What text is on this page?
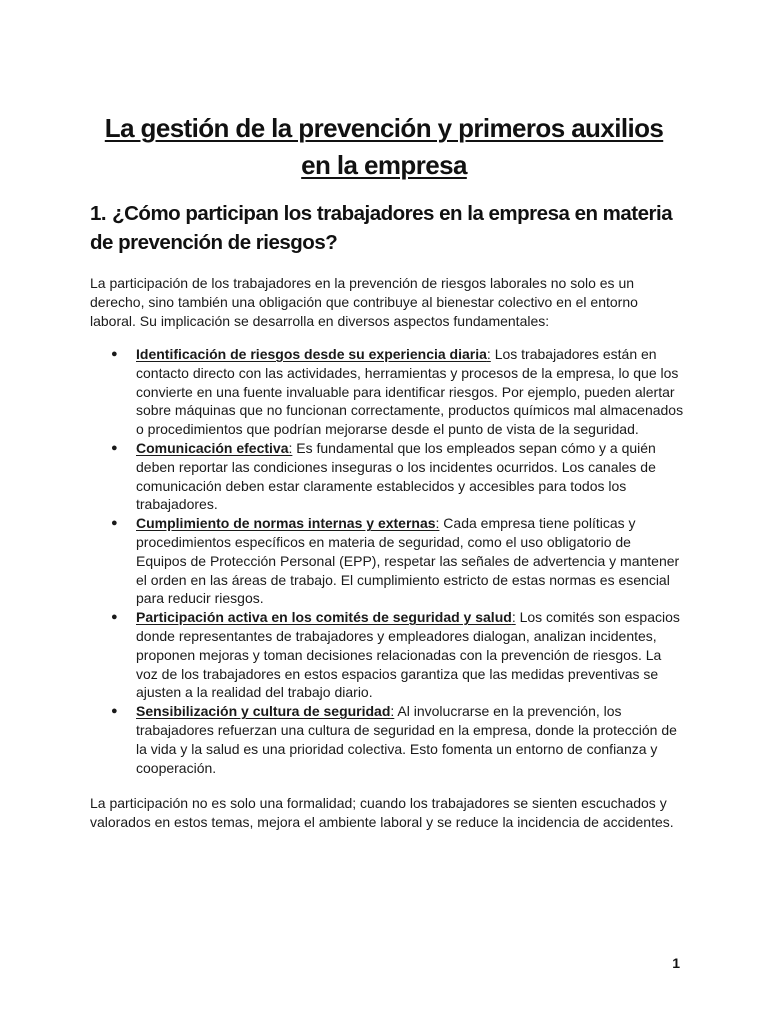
La gestión de la prevención y primeros auxilios en la empresa
1. ¿Cómo participan los trabajadores en la empresa en materia de prevención de riesgos?

La participación de los trabajadores en la prevención de riesgos laborales no solo es un derecho, sino también una obligación que contribuye al bienestar colectivo en el entorno laboral. Su implicación se desarrolla en diversos aspectos fundamentales:

● Identificación de riesgos desde su experiencia diaria: Los trabajadores están en contacto directo con las actividades, herramientas y procesos de la empresa, lo que los convierte en una fuente invaluable para identificar riesgos. Por ejemplo, pueden alertar sobre máquinas que no funcionan correctamente, productos químicos mal almacenados o procedimientos que podrían mejorarse desde el punto de vista de la seguridad.
● Comunicación efectiva: Es fundamental que los empleados sepan cómo y a quién deben reportar las condiciones inseguras o los incidentes ocurridos. Los canales de comunicación deben estar claramente establecidos y accesibles para todos los trabajadores.
● Cumplimiento de normas internas y externas: Cada empresa tiene políticas y procedimientos específicos en materia de seguridad, como el uso obligatorio de Equipos de Protección Personal (EPP), respetar las señales de advertencia y mantener el orden en las áreas de trabajo. El cumplimiento estricto de estas normas es esencial para reducir riesgos.
● Participación activa en los comités de seguridad y salud: Los comités son espacios donde representantes de trabajadores y empleadores dialogan, analizan incidentes, proponen mejoras y toman decisiones relacionadas con la prevención de riesgos. La voz de los trabajadores en estos espacios garantiza que las medidas preventivas se ajusten a la realidad del trabajo diario.
● Sensibilización y cultura de seguridad: Al involucrarse en la prevención, los trabajadores refuerzan una cultura de seguridad en la empresa, donde la protección de la vida y la salud es una prioridad colectiva. Esto fomenta un entorno de confianza y cooperación.

La participación no es solo una formalidad; cuando los trabajadores se sienten escuchados y valorados en estos temas, mejora el ambiente laboral y se reduce la incidencia de accidentes.

1
